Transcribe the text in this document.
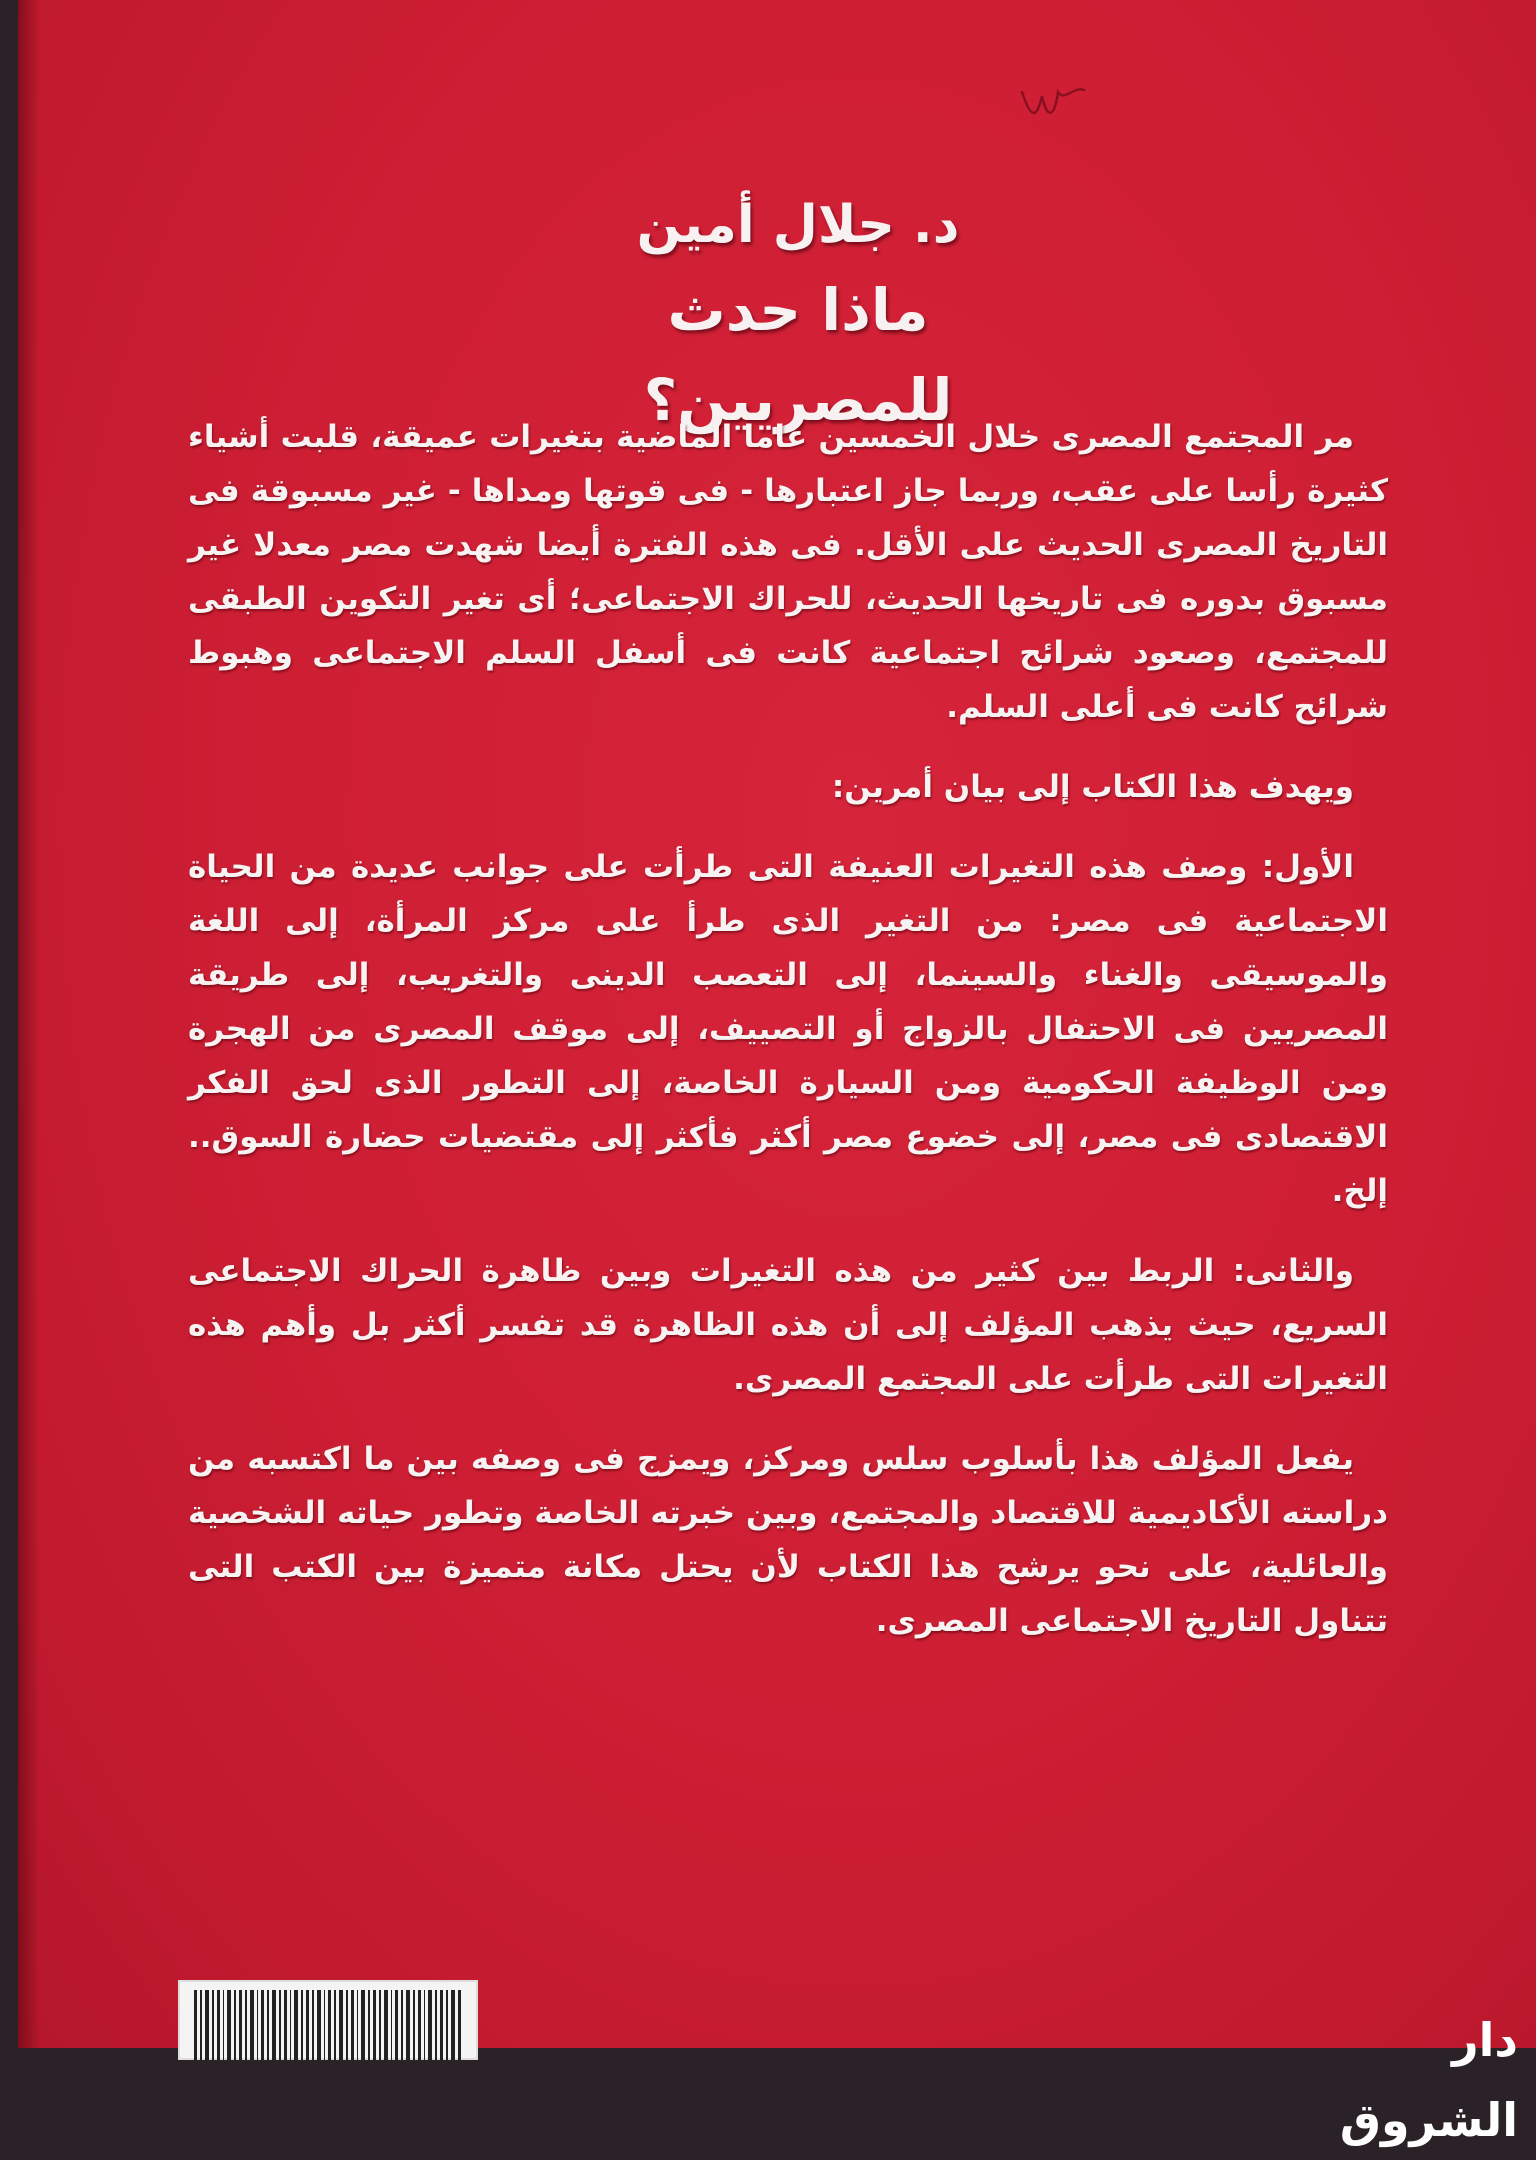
د. جلال أمين
ماذا حدث للمصريين؟

مر المجتمع المصرى خلال الخمسين عاما الماضية بتغيرات عميقة، قلبت أشياء كثيرة رأسا على عقب، وربما جاز اعتبارها - فى قوتها ومداها - غير مسبوقة فى التاريخ المصرى الحديث على الأقل. فى هذه الفترة أيضا شهدت مصر معدلا غير مسبوق بدوره فى تاريخها الحديث، للحراك الاجتماعى؛ أى تغير التكوين الطبقى للمجتمع، وصعود شرائح اجتماعية كانت فى أسفل السلم الاجتماعى وهبوط شرائح كانت فى أعلى السلم.

ويهدف هذا الكتاب إلى بيان أمرين:

الأول: وصف هذه التغيرات العنيفة التى طرأت على جوانب عديدة من الحياة الاجتماعية فى مصر: من التغير الذى طرأ على مركز المرأة، إلى اللغة والموسيقى والغناء والسينما، إلى التعصب الدينى والتغريب، إلى طريقة المصريين فى الاحتفال بالزواج أو التصييف، إلى موقف المصرى من الهجرة ومن الوظيفة الحكومية ومن السيارة الخاصة، إلى التطور الذى لحق الفكر الاقتصادى فى مصر، إلى خضوع مصر أكثر فأكثر إلى مقتضيات حضارة السوق.. إلخ.

والثانى: الربط بين كثير من هذه التغيرات وبين ظاهرة الحراك الاجتماعى السريع، حيث يذهب المؤلف إلى أن هذه الظاهرة قد تفسر أكثر بل وأهم هذه التغيرات التى طرأت على المجتمع المصرى.

يفعل المؤلف هذا بأسلوب سلس ومركز، ويمزج فى وصفه بين ما اكتسبه من دراسته الأكاديمية للاقتصاد والمجتمع، وبين خبرته الخاصة وتطور حياته الشخصية والعائلية، على نحو يرشح هذا الكتاب لأن يحتل مكانة متميزة بين الكتب التى تتناول التاريخ الاجتماعى المصرى.

دار الشروق
